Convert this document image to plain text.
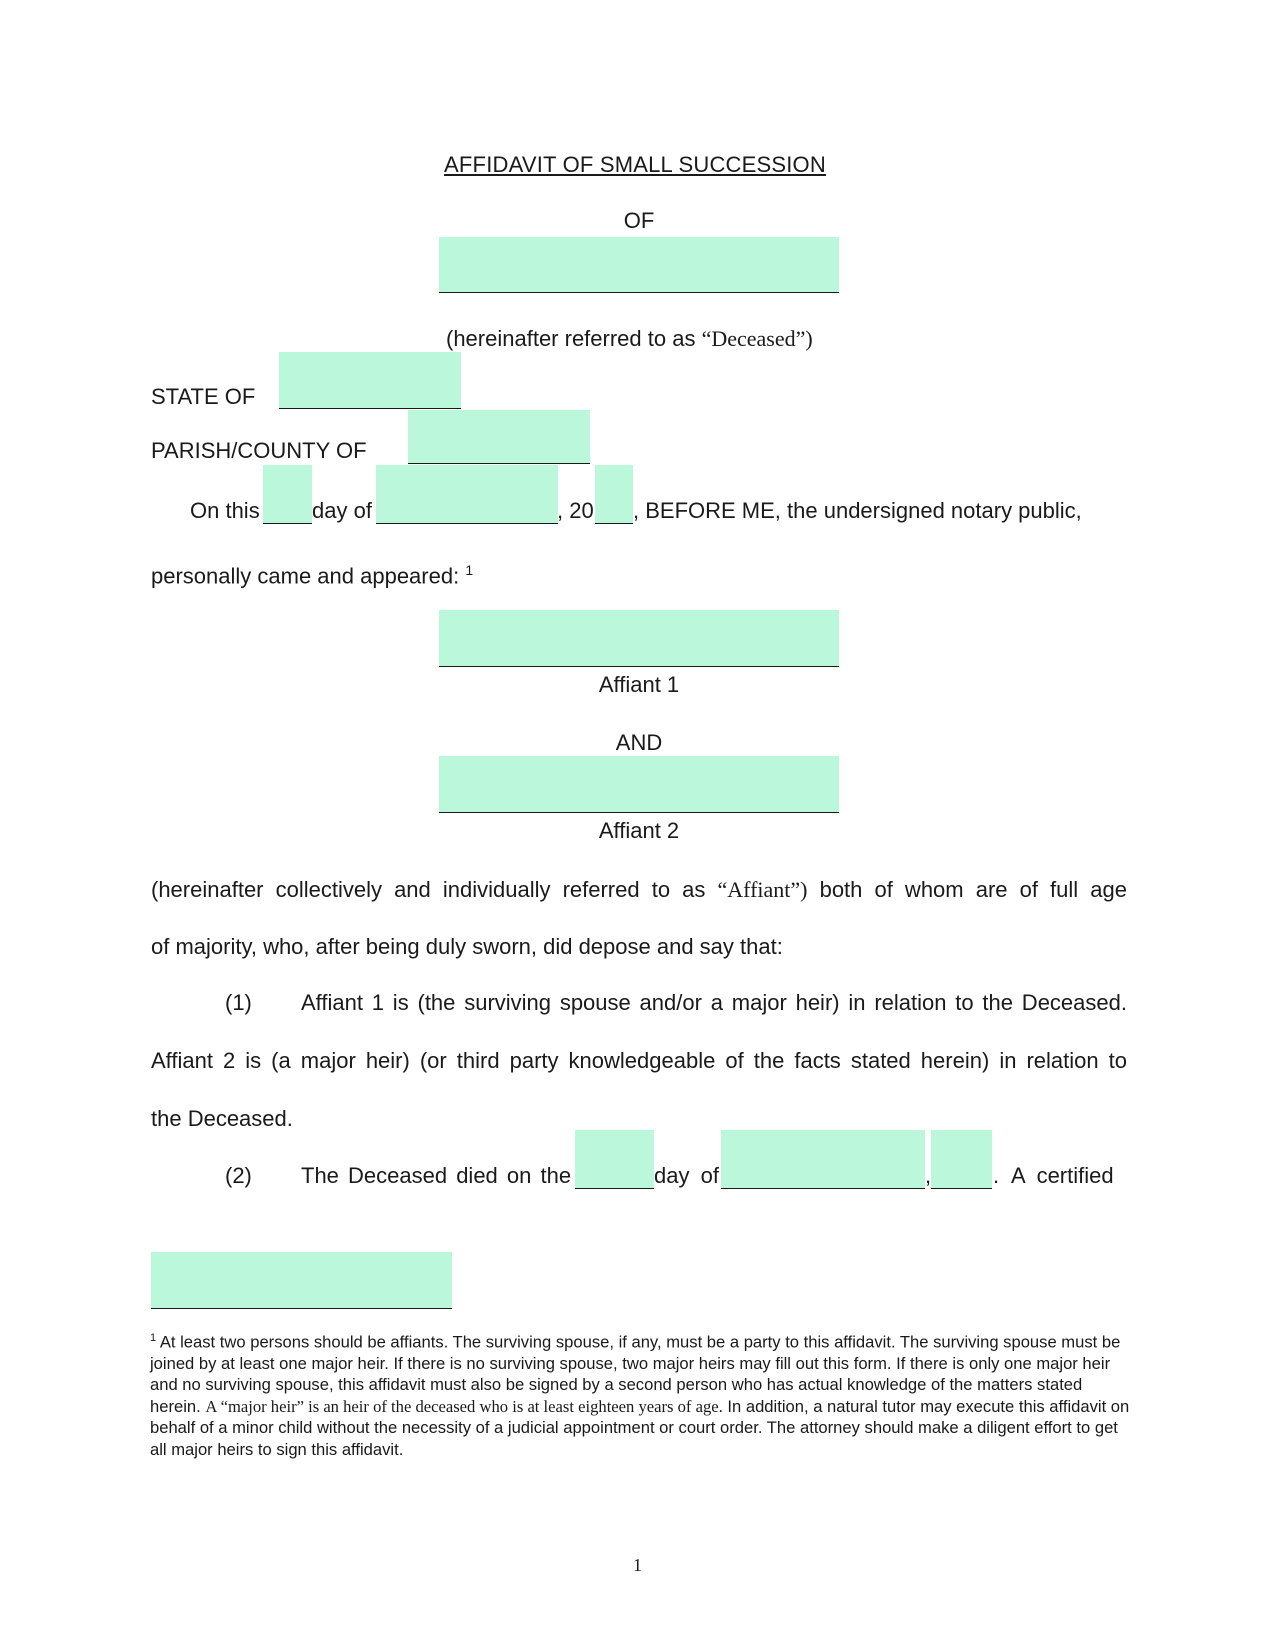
AFFIDAVIT OF SMALL SUCCESSION
OF
(hereinafter referred to as “Deceased”)
STATE OF
PARISH/COUNTY OF
On this day of	, 20 , BEFORE ME, the undersigned notary public,
personally came and appeared: $^1$
Affiant 1
AND
Affiant 2
(hereinafter collectively and individually referred to as “Affiant”) both of whom are of full age
of majority, who, after being duly sworn, did depose and say that:
(1) Affiant 1 is (the surviving spouse and/or a major heir) in relation to the Deceased.
Affiant 2 is (a major heir) (or third party knowledgeable of the facts stated herein) in relation to
the Deceased.
(2) The Deceased died on the	day of	,	. A certified
$^1$ At least two persons should be affiants. The surviving spouse, if any, must be a party to this affidavit. The surviving spouse must be joined by at least one major heir. If there is no surviving spouse, two major heirs may fill out this form. If there is only one major heir and no surviving spouse, this affidavit must also be signed by a second person who has actual knowledge of the matters stated herein. A “major heir” is an heir of the deceased who is at least eighteen years of age. In addition, a natural tutor may execute this affidavit on behalf of a minor child without the necessity of a judicial appointment or court order. The attorney should make a diligent effort to get all major heirs to sign this affidavit.
1
